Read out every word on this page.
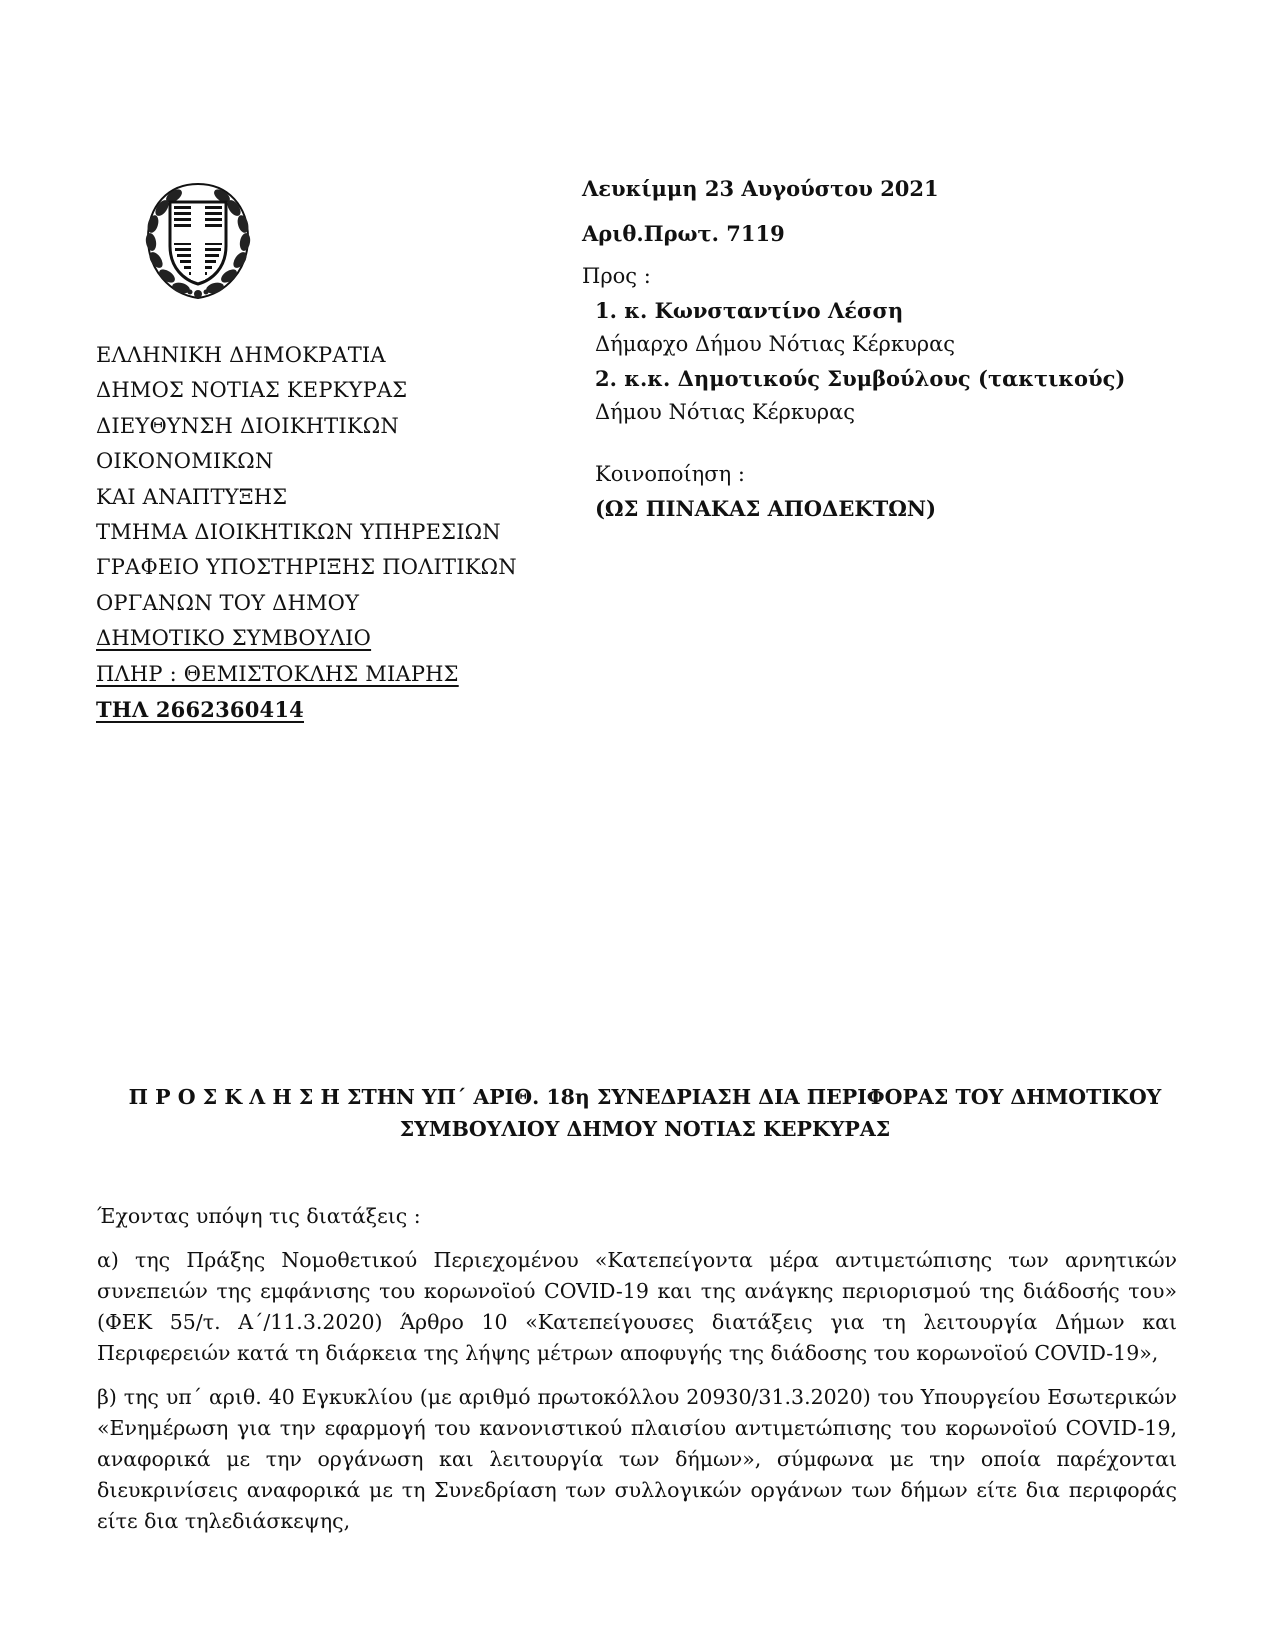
ΕΛΛΗΝΙΚΗ ΔΗΜΟΚΡΑΤΙΑ
ΔΗΜΟΣ ΝΟΤΙΑΣ ΚΕΡΚΥΡΑΣ
ΔΙΕΥΘΥΝΣΗ ΔΙΟΙΚΗΤΙΚΩΝ
ΟΙΚΟΝΟΜΙΚΩΝ
ΚΑΙ ΑΝΑΠΤΥΞΗΣ
ΤΜΗΜΑ ΔΙΟΙΚΗΤΙΚΩΝ ΥΠΗΡΕΣΙΩΝ
ΓΡΑΦΕΙΟ ΥΠΟΣΤΗΡΙΞΗΣ ΠΟΛΙΤΙΚΩΝ
ΟΡΓΑΝΩΝ ΤΟΥ ΔΗΜΟΥ
ΔΗΜΟΤΙΚΟ ΣΥΜΒΟΥΛΙΟ
ΠΛΗΡ : ΘΕΜΙΣΤΟΚΛΗΣ ΜΙΑΡΗΣ
ΤΗΛ 2662360414
Λευκίμμη 23 Αυγούστου 2021
Αριθ.Πρωτ. 7119
Προς :
1. κ. Κωνσταντίνο Λέσση
Δήμαρχο Δήμου Νότιας Κέρκυρας
2. κ.κ. Δημοτικούς Συμβούλους (τακτικούς)
Δήμου Νότιας Κέρκυρας
Κοινοποίηση :
(ΩΣ ΠΙΝΑΚΑΣ ΑΠΟΔΕΚΤΩΝ)
Π Ρ Ο Σ Κ Λ Η Σ Η ΣΤΗΝ ΥΠ΄ ΑΡΙΘ. 18η ΣΥΝΕΔΡΙΑΣΗ ΔΙΑ ΠΕΡΙΦΟΡΑΣ ΤΟΥ ΔΗΜΟΤΙΚΟΥ
ΣΥΜΒΟΥΛΙΟΥ ΔΗΜΟΥ ΝΟΤΙΑΣ ΚΕΡΚΥΡΑΣ

Έχοντας υπόψη τις διατάξεις :

α) της Πράξης Νομοθετικού Περιεχομένου «Κατεπείγοντα μέρα αντιμετώπισης των αρνητικών συνεπειών της εμφάνισης του κορωνοϊού COVID-19 και της ανάγκης περιορισμού της διάδοσής του» (ΦΕΚ 55/τ. Α΄/11.3.2020) Άρθρο 10 «Κατεπείγουσες διατάξεις για τη λειτουργία Δήμων και Περιφερειών κατά τη διάρκεια της λήψης μέτρων αποφυγής της διάδοσης του κορωνοϊού COVID-19»,

β) της υπ΄ αριθ. 40 Εγκυκλίου (με αριθμό πρωτοκόλλου 20930/31.3.2020) του Υπουργείου Εσωτερικών «Ενημέρωση για την εφαρμογή του κανονιστικού πλαισίου αντιμετώπισης του κορωνοϊού COVID-19, αναφορικά με την οργάνωση και λειτουργία των δήμων», σύμφωνα με την οποία παρέχονται διευκρινίσεις αναφορικά με τη Συνεδρίαση των συλλογικών οργάνων των δήμων είτε δια περιφοράς είτε δια τηλεδιάσκεψης,
